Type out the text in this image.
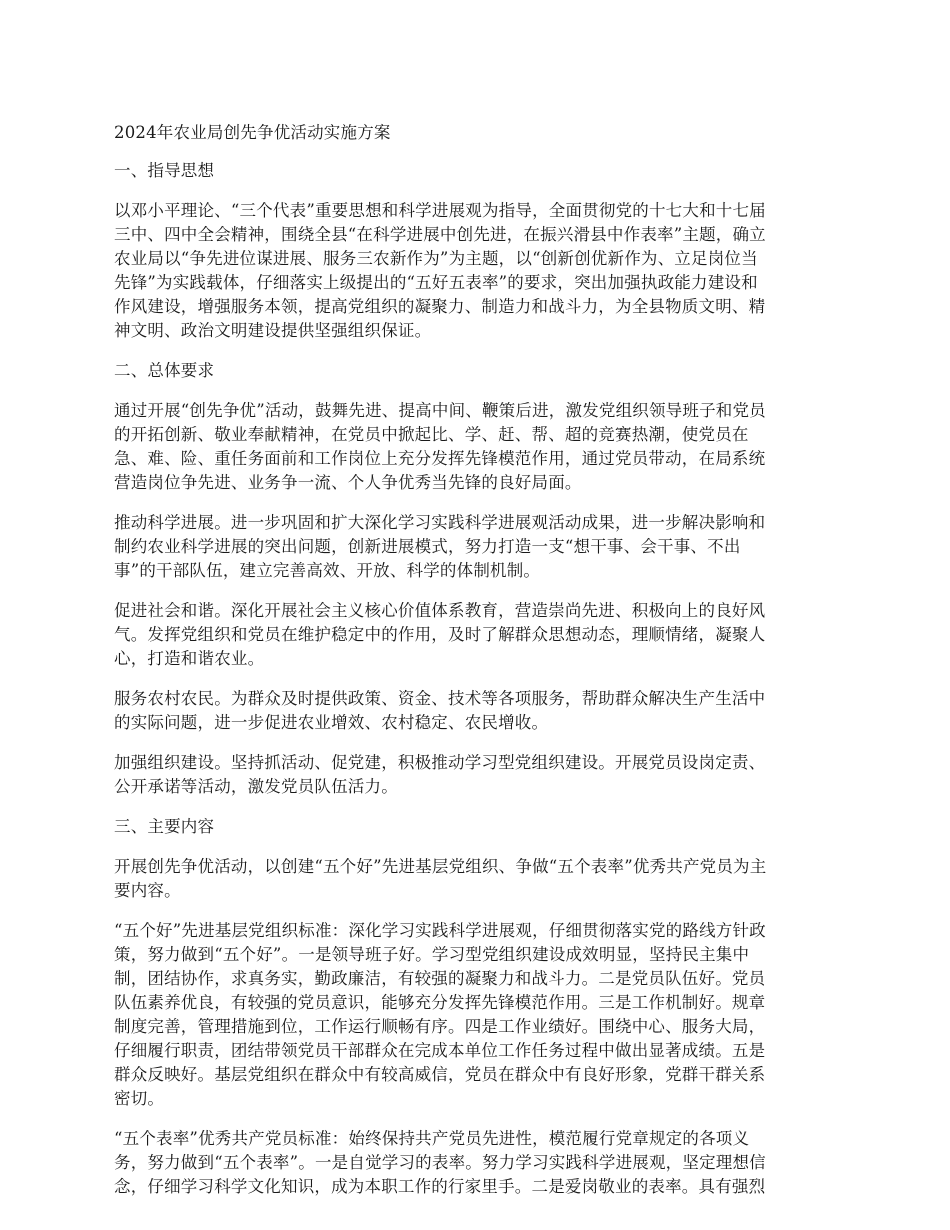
2024年农业局创先争优活动实施方案
一、指导思想
以邓小平理论、“三个代表”重要思想和科学进展观为指导，全面贯彻党的十七大和十七届
三中、四中全会精神，围绕全县“在科学进展中创先进，在振兴滑县中作表率”主题，确立
农业局以“争先进位谋进展、服务三农新作为”为主题，以“创新创优新作为、立足岗位当
先锋”为实践载体，仔细落实上级提出的“五好五表率”的要求，突出加强执政能力建设和
作风建设，增强服务本领，提高党组织的凝聚力、制造力和战斗力，为全县物质文明、精
神文明、政治文明建设提供坚强组织保证。
二、总体要求
通过开展“创先争优”活动，鼓舞先进、提高中间、鞭策后进，激发党组织领导班子和党员
的开拓创新、敬业奉献精神，在党员中掀起比、学、赶、帮、超的竞赛热潮，使党员在
急、难、险、重任务面前和工作岗位上充分发挥先锋模范作用，通过党员带动，在局系统
营造岗位争先进、业务争一流、个人争优秀当先锋的良好局面。
推动科学进展。进一步巩固和扩大深化学习实践科学进展观活动成果，进一步解决影响和
制约农业科学进展的突出问题，创新进展模式，努力打造一支“想干事、会干事、不出
事”的干部队伍，建立完善高效、开放、科学的体制机制。
促进社会和谐。深化开展社会主义核心价值体系教育，营造崇尚先进、积极向上的良好风
气。发挥党组织和党员在维护稳定中的作用，及时了解群众思想动态，理顺情绪，凝聚人
心，打造和谐农业。
服务农村农民。为群众及时提供政策、资金、技术等各项服务，帮助群众解决生产生活中
的实际问题，进一步促进农业增效、农村稳定、农民增收。
加强组织建设。坚持抓活动、促党建，积极推动学习型党组织建设。开展党员设岗定责、
公开承诺等活动，激发党员队伍活力。
三、主要内容
开展创先争优活动，以创建“五个好”先进基层党组织、争做“五个表率”优秀共产党员为主
要内容。
“五个好”先进基层党组织标准：深化学习实践科学进展观，仔细贯彻落实党的路线方针政
策，努力做到“五个好”。一是领导班子好。学习型党组织建设成效明显，坚持民主集中
制，团结协作，求真务实，勤政廉洁，有较强的凝聚力和战斗力。二是党员队伍好。党员
队伍素养优良，有较强的党员意识，能够充分发挥先锋模范作用。三是工作机制好。规章
制度完善，管理措施到位，工作运行顺畅有序。四是工作业绩好。围绕中心、服务大局，
仔细履行职责，团结带领党员干部群众在完成本单位工作任务过程中做出显著成绩。五是
群众反映好。基层党组织在群众中有较高威信，党员在群众中有良好形象，党群干群关系
密切。
“五个表率”优秀共产党员标准：始终保持共产党员先进性，模范履行党章规定的各项义
务，努力做到“五个表率”。一是自觉学习的表率。努力学习实践科学进展观，坚定理想信
念，仔细学习科学文化知识，成为本职工作的行家里手。二是爱岗敬业的表率。具有强烈
